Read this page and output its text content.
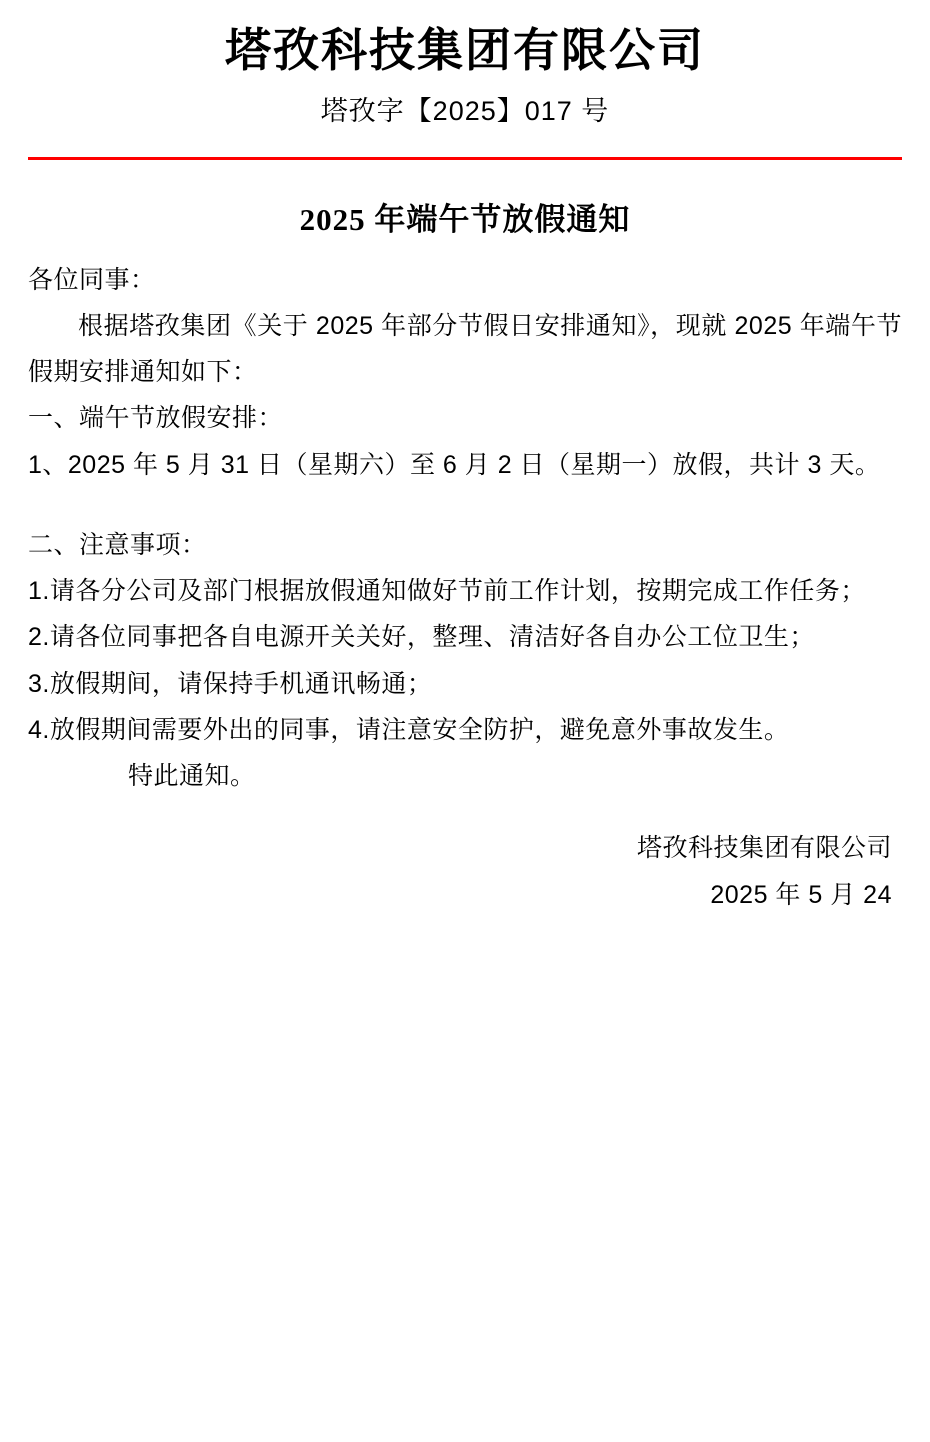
塔孜科技集团有限公司

塔孜字【2025】017 号

2025 年端午节放假通知

各位同事：

根据塔孜集团《关于 2025 年部分节假日安排通知》，现就 2025 年端午节假期安排通知如下：

一、端午节放假安排：

1、2025 年 5 月 31 日（星期六）至 6 月 2 日（星期一）放假，共计 3 天。

二、注意事项：

1.请各分公司及部门根据放假通知做好节前工作计划，按期完成工作任务；

2.请各位同事把各自电源开关关好，整理、清洁好各自办公工位卫生；

3.放假期间，请保持手机通讯畅通；

4.放假期间需要外出的同事，请注意安全防护，避免意外事故发生。

特此通知。

塔孜科技集团有限公司
2025 年 5 月 24
